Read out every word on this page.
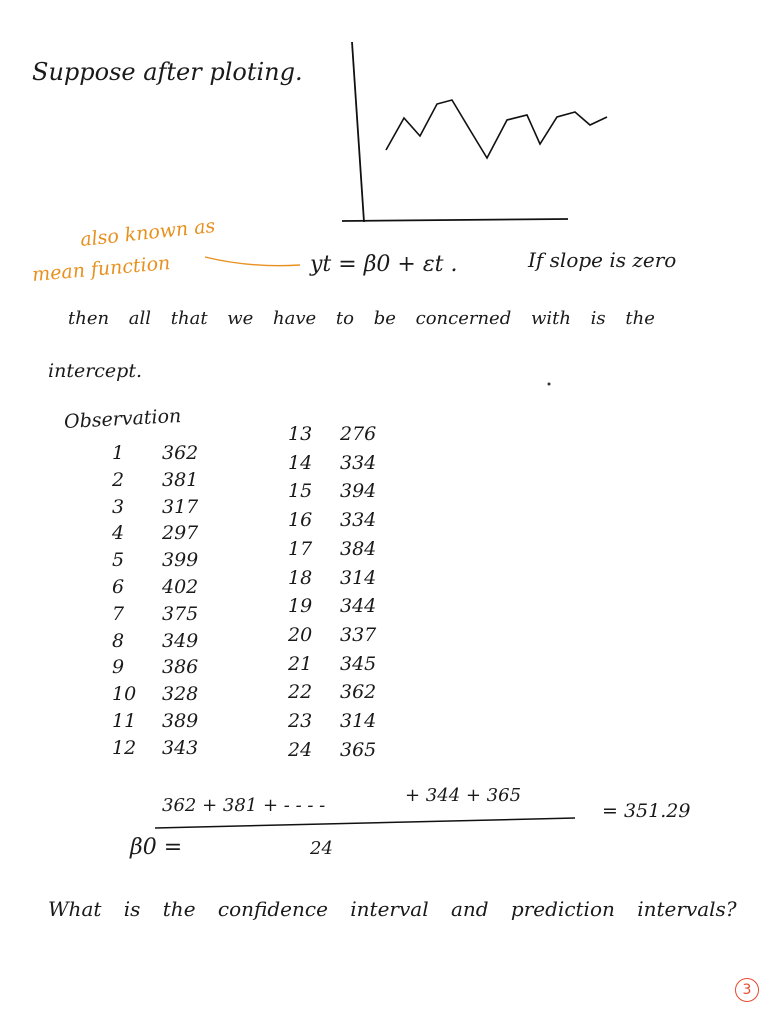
Suppose after ploting.
also known as
mean function	yt = β0 + εt .	If slope is zero
then all that we have to be concerned with is the
intercept.
Observation
1 362
2 381
3 317
4 297
5 399
6 402
7 375
8 349
9 386
10 328
11 389
12 343
13 276
14 334
15 394
16 334
17 384
18 314
19 344
20 337
21 345
22 362
23 314
24 365
β0 =
362 + 381 + - - - -	+ 344 + 365
24
= 351.29
What is the confidence interval and prediction intervals?
3
